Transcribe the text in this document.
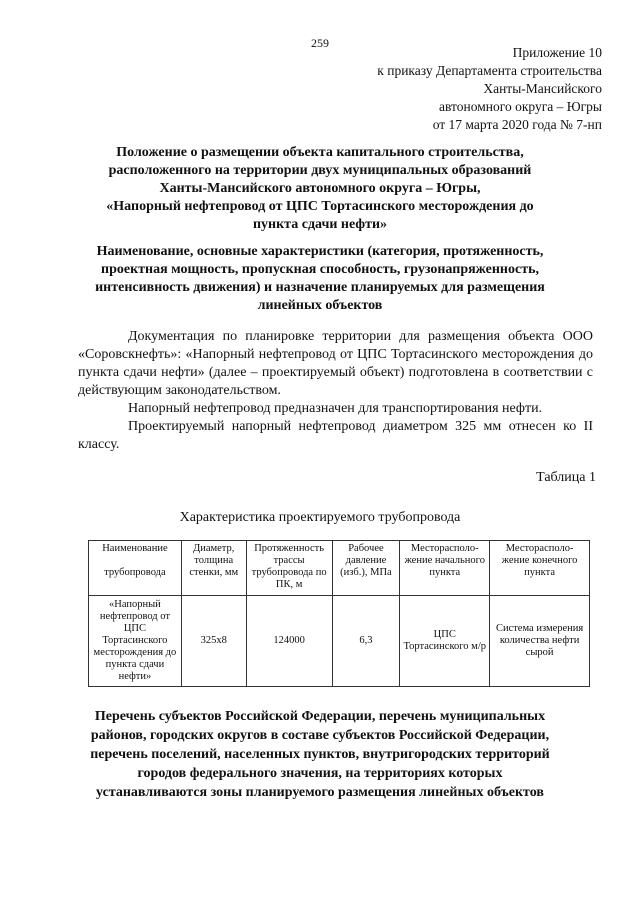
259
Приложение 10
к приказу Департамента строительства
Ханты-Мансийского
автономного округа – Югры
от 17 марта 2020 года № 7-нп
Положение о размещении объекта капитального строительства,
расположенного на территории двух муниципальных образований
Ханты-Мансийского автономного округа – Югры,
«Напорный нефтепровод от ЦПС Тортасинского месторождения до
пункта сдачи нефти»
Наименование, основные характеристики (категория, протяженность,
проектная мощность, пропускная способность, грузонапряженность,
интенсивность движения) и назначение планируемых для размещения
линейных объектов

Документация по планировке территории для размещения объекта ООО «Соровскнефть»: «Напорный нефтепровод от ЦПС Тортасинского месторождения до пункта сдачи нефти» (далее – проектируемый объект) подготовлена в соответствии с действующим законодательством.

Напорный нефтепровод предназначен для транспортирования нефти.

Проектируемый напорный нефтепровод диаметром 325 мм отнесен ко II классу.

Таблица 1
Характеристика проектируемого трубопровода
Наименование

трубопровода	Диаметр, толщина стенки, мм	Протяженность трассы трубопровода по ПК, м	Рабочее давление (изб.), МПа	Месторасполо-жение начального пункта	Месторасполо-жение конечного пункта
«Напорный нефтепровод от ЦПС Тортасинского месторождения до пункта сдачи нефти»	325x8	124000	6,3	ЦПС Тортасинского м/р	Система измерения количества нефти сырой
Перечень субъектов Российской Федерации, перечень муниципальных
районов, городских округов в составе субъектов Российской Федерации,
перечень поселений, населенных пунктов, внутригородских территорий
городов федерального значения, на территориях которых
устанавливаются зоны планируемого размещения линейных объектов
